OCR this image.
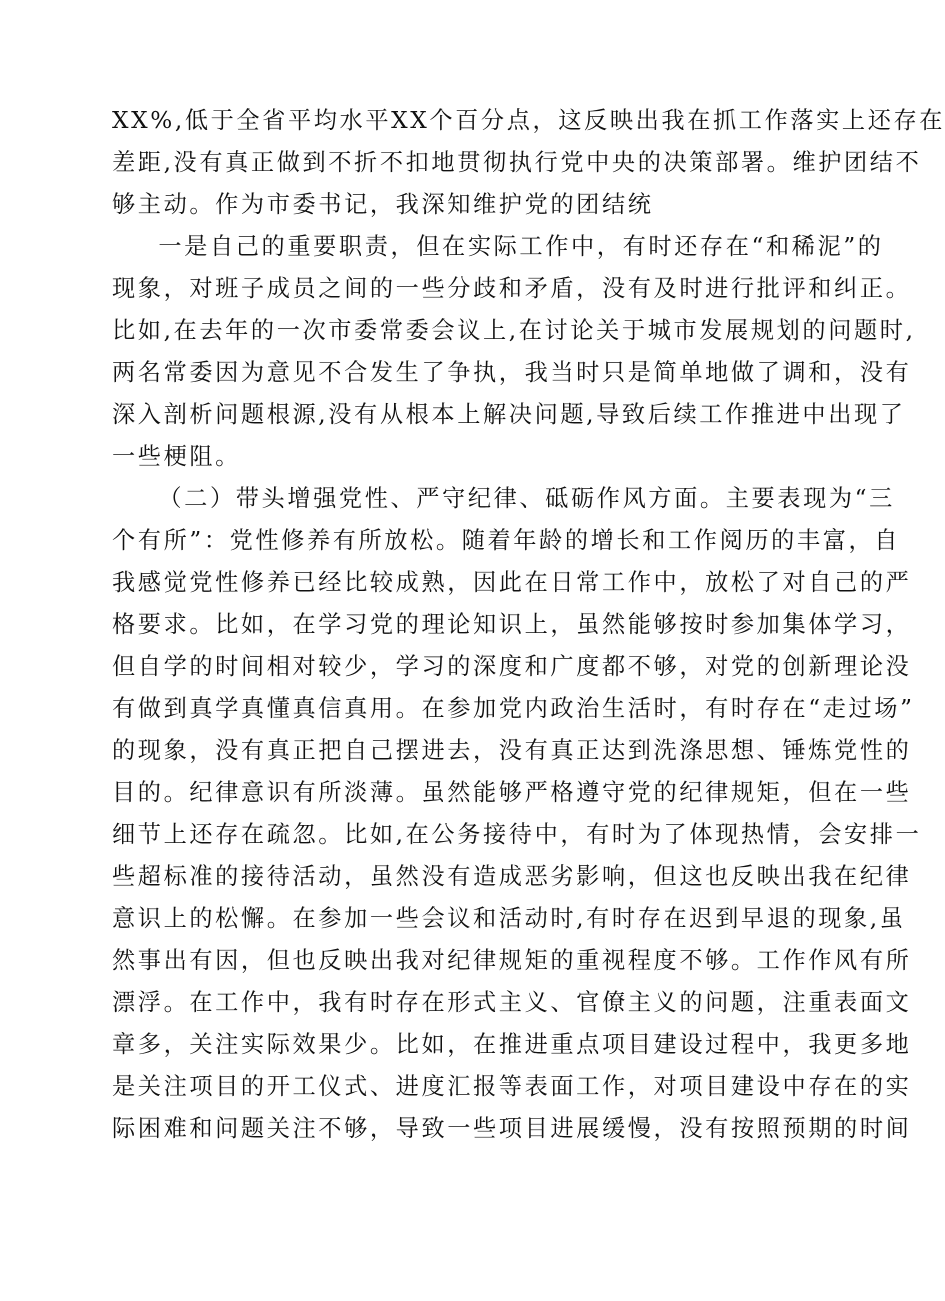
XX%,低于全省平均水平XX个百分点，这反映出我在抓工作落实上还存在
差距,没有真正做到不折不扣地贯彻执行党中央的决策部署。维护团结不
够主动。作为市委书记，我深知维护党的团结统
一是自己的重要职责，但在实际工作中，有时还存在“和稀泥”的
现象，对班子成员之间的一些分歧和矛盾，没有及时进行批评和纠正。
比如,在去年的一次市委常委会议上,在讨论关于城市发展规划的问题时,
两名常委因为意见不合发生了争执，我当时只是简单地做了调和，没有
深入剖析问题根源,没有从根本上解决问题,导致后续工作推进中出现了
一些梗阻。
（二）带头增强党性、严守纪律、砥砺作风方面。主要表现为“三
个有所”：党性修养有所放松。随着年龄的增长和工作阅历的丰富，自
我感觉党性修养已经比较成熟，因此在日常工作中，放松了对自己的严
格要求。比如，在学习党的理论知识上，虽然能够按时参加集体学习，
但自学的时间相对较少，学习的深度和广度都不够，对党的创新理论没
有做到真学真懂真信真用。在参加党内政治生活时，有时存在“走过场”
的现象，没有真正把自己摆进去，没有真正达到洗涤思想、锤炼党性的
目的。纪律意识有所淡薄。虽然能够严格遵守党的纪律规矩，但在一些
细节上还存在疏忽。比如,在公务接待中，有时为了体现热情，会安排一
些超标准的接待活动，虽然没有造成恶劣影响，但这也反映出我在纪律
意识上的松懈。在参加一些会议和活动时,有时存在迟到早退的现象,虽
然事出有因，但也反映出我对纪律规矩的重视程度不够。工作作风有所
漂浮。在工作中，我有时存在形式主义、官僚主义的问题，注重表面文
章多，关注实际效果少。比如，在推进重点项目建设过程中，我更多地
是关注项目的开工仪式、进度汇报等表面工作，对项目建设中存在的实
际困难和问题关注不够，导致一些项目进展缓慢，没有按照预期的时间
